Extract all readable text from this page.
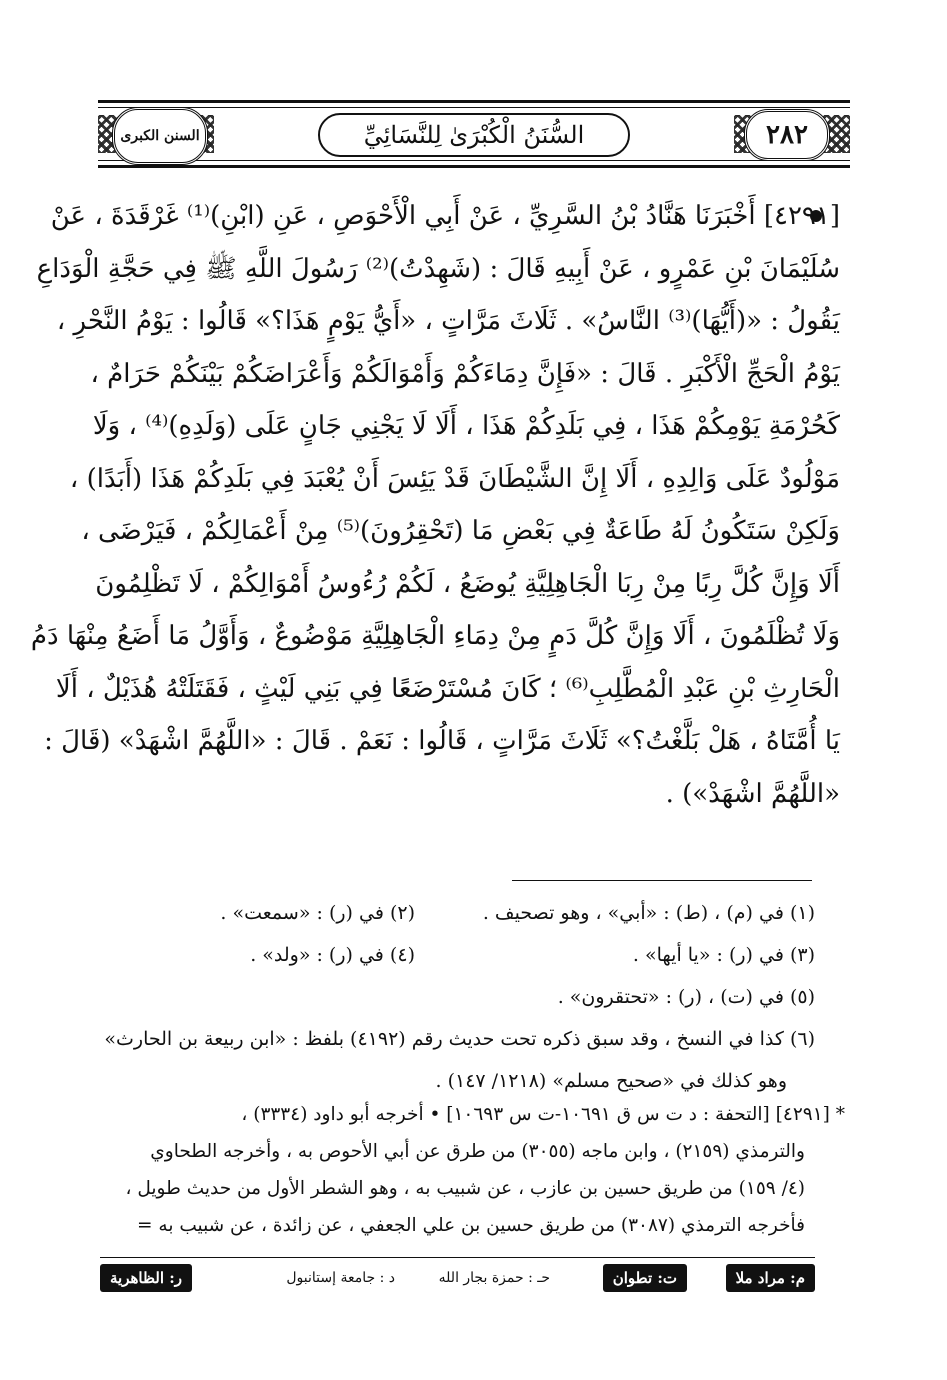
السنن الكبرى	السُّنَنُ الْكُبْرَىٰ لِلنَّسَائِيِّ	٢٨٢
[٤٢٩١] أَخْبَرَنَا هَنَّادُ بْنُ السَّرِيِّ ، عَنْ أَبِي الْأَحْوَصِ ، عَنِ (ابْنِ)⁽¹⁾ غَرْقَدَةَ ، عَنْ
سُلَيْمَانَ بْنِ عَمْرٍو ، عَنْ أَبِيهِ قَالَ : (شَهِدْتُ)⁽²⁾ رَسُولَ اللَّهِ ﷺ فِي حَجَّةِ الْوَدَاعِ
يَقُولُ : «(أَيُّهَا)⁽³⁾ النَّاسُ» . ثَلَاثَ مَرَّاتٍ ، «أَيُّ يَوْمٍ هَذَا؟» قَالُوا : يَوْمُ النَّحْرِ ،
يَوْمُ الْحَجِّ الْأَكْبَرِ . قَالَ : «فَإِنَّ دِمَاءَكُمْ وَأَمْوَالَكُمْ وَأَعْرَاضَكُمْ بَيْنَكُمْ حَرَامٌ ،
كَحُرْمَةِ يَوْمِكُمْ هَذَا ، فِي بَلَدِكُمْ هَذَا ، أَلَا لَا يَجْنِي جَانٍ عَلَى (وَلَدِهِ)⁽⁴⁾ ، وَلَا
مَوْلُودٌ عَلَى وَالِدِهِ ، أَلَا إِنَّ الشَّيْطَانَ قَدْ يَئِسَ أَنْ يُعْبَدَ فِي بَلَدِكُمْ هَذَا (أَبَدًا) ،
وَلَكِنْ سَتَكُونُ لَهُ طَاعَةٌ فِي بَعْضِ مَا (تَحْقِرُونَ)⁽⁵⁾ مِنْ أَعْمَالِكُمْ ، فَيَرْضَى ،
أَلَا وَإِنَّ كُلَّ رِبًا مِنْ رِبَا الْجَاهِلِيَّةِ يُوضَعُ ، لَكُمْ رُءُوسُ أَمْوَالِكُمْ ، لَا تَظْلِمُونَ
وَلَا تُظْلَمُونَ ، أَلَا وَإِنَّ كُلَّ دَمٍ مِنْ دِمَاءِ الْجَاهِلِيَّةِ مَوْضُوعٌ ، وَأَوَّلُ مَا أَضَعُ مِنْهَا دَمُ
الْحَارِثِ بْنِ عَبْدِ الْمُطَّلِبِ⁽⁶⁾ ؛ كَانَ مُسْتَرْضَعًا فِي بَنِي لَيْثٍ ، فَقَتَلَتْهُ هُذَيْلٌ ، أَلَا
يَا أُمَّتَاهُ ، هَلْ بَلَّغْتُ؟» ثَلَاثَ مَرَّاتٍ ، قَالُوا : نَعَمْ . قَالَ : «اللَّهُمَّ اشْهَدْ» (قَالَ :
«اللَّهُمَّ اشْهَدْ») .
(١) في (م) ، (ط) : «أبي» ، وهو تصحيف .
(٢) في (ر) : «سمعت» .
(٣) في (ر) : «يا أيها» .
(٤) في (ر) : «ولد» .
(٥) في (ت) ، (ر) : «تحتقرون» .
(٦) كذا في النسخ ، وقد سبق ذكره تحت حديث رقم (٤١٩٢) بلفظ : «ابن ربيعة بن الحارث»
وهو كذلك في «صحيح مسلم» (١٢١٨/ ١٤٧) .
* [٤٢٩١] [التحفة : د ت س ق ١٠٦٩١-ت س ١٠٦٩٣] • أخرجه أبو داود (٣٣٣٤) ،
والترمذي (٢١٥٩) ، وابن ماجه (٣٠٥٥) من طرق عن أبي الأحوص به ، وأخرجه الطحاوي
(٤/ ١٥٩) من طريق حسين بن عازب ، عن شبيب به ، وهو الشطر الأول من حديث طويل ،
فأخرجه الترمذي (٣٠٨٧) من طريق حسين بن علي الجعفي ، عن زائدة ، عن شبيب به =
م: مراد ملا
ت: تطوان
حـ : حمزة بجار الله
د : جامعة إستانبول
ر: الظاهرية
